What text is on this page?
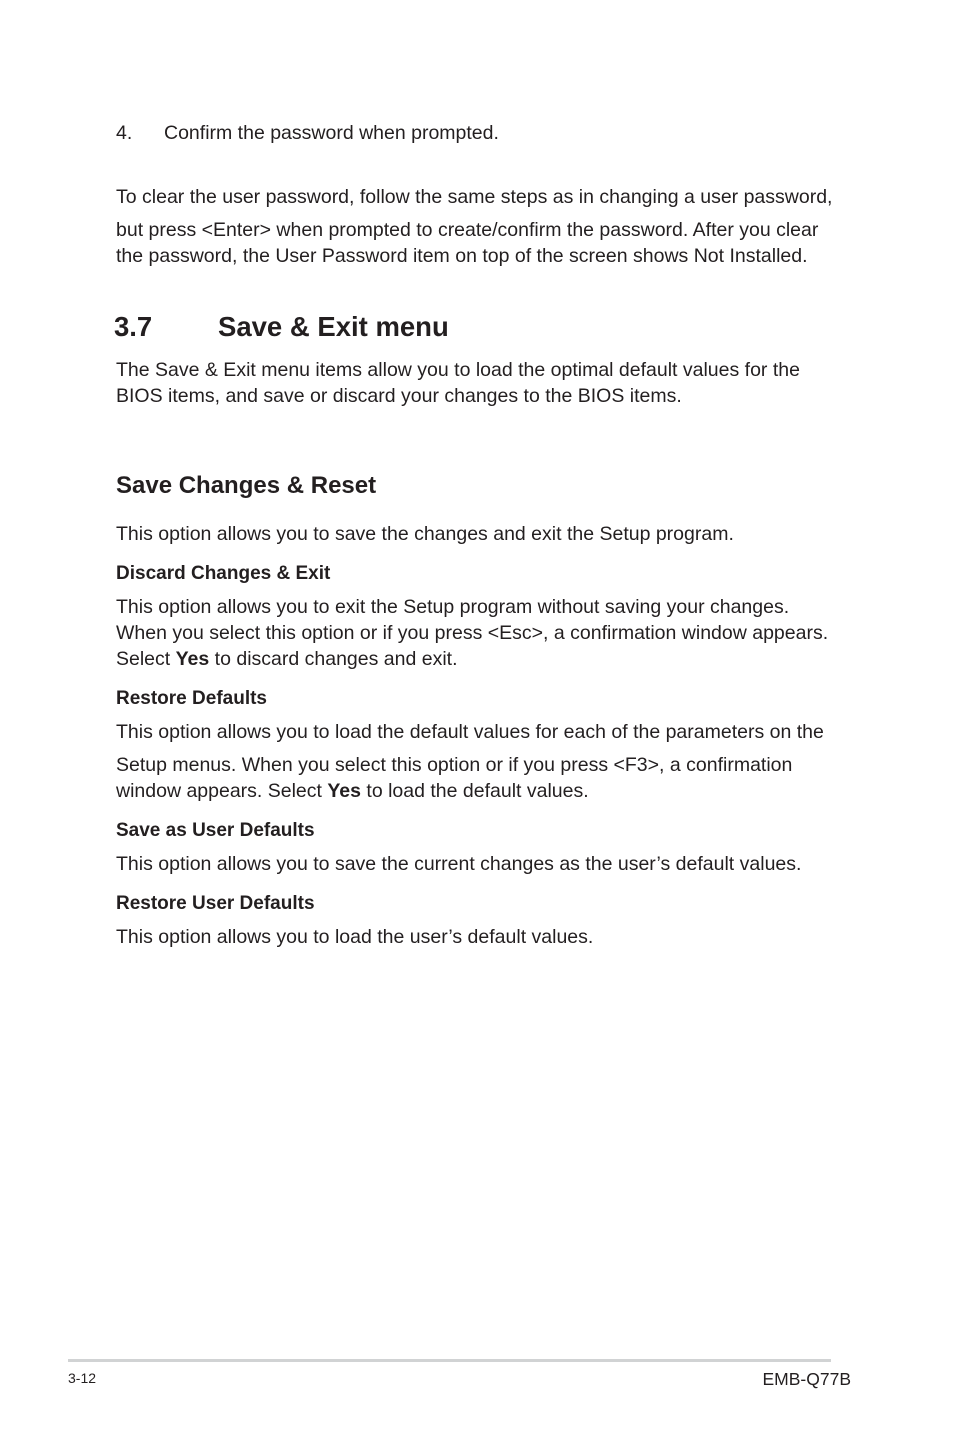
4. Confirm the password when prompted.

To clear the user password, follow the same steps as in changing a user password,
but press <Enter> when prompted to create/confirm the password. After you clear
the password, the User Password item on top of the screen shows Not Installed.

3.7 Save & Exit menu

The Save & Exit menu items allow you to load the optimal default values for the
BIOS items, and save or discard your changes to the BIOS items.

Save Changes & Reset

This option allows you to save the changes and exit the Setup program.

Discard Changes & Exit

This option allows you to exit the Setup program without saving your changes.
When you select this option or if you press <Esc>, a confirmation window appears.
Select Yes to discard changes and exit.

Restore Defaults

This option allows you to load the default values for each of the parameters on the
Setup menus. When you select this option or if you press <F3>, a confirmation
window appears. Select Yes to load the default values.

Save as User Defaults

This option allows you to save the current changes as the user’s default values.

Restore User Defaults

This option allows you to load the user’s default values.

3-12	EMB-Q77B
